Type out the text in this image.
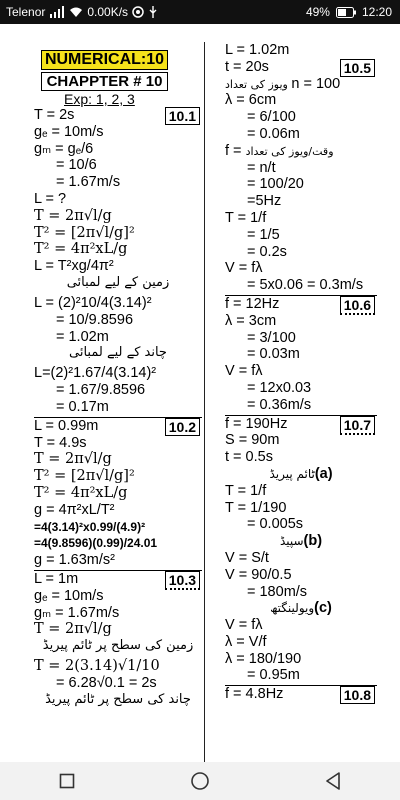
Telenor	0.00K/s	49%	12:20
NUMERICAL:10
CHAPPTER # 10
Exp: 1, 2, 3
T = 2s	10.1
gₑ = 10m/s
gₘ = gₑ/6
= 10/6
= 1.67m/s
L = ?
T = 2π√l/g
T² = [2π√l/g]²
T² = 4π²xL/g
L = T²xg/4π²
زمین کے لیے لمبائی
L = (2)²10/4(3.14)²
= 10/9.8596
= 1.02m
چاند کے لیے لمبائی
L=(2)²1.67/4(3.14)²
= 1.67/9.8596
= 0.17m
L = 0.99m	10.2
T = 4.9s
T = 2π√l/g
T² = [2π√l/g]²
T² = 4π²xL/g
g = 4π²xL/T²
=4(3.14)²x0.99/(4.9)²
=4(9.8596)(0.99)/24.01
g = 1.63m/s²
L = 1m	10.3
gₑ = 10m/s
gₘ = 1.67m/s
T = 2π√l/g
زمین کی سطح پر ٹائم پیریڈ
T = 2(3.14)√1/10
= 6.28√0.1 = 2s
چاند کی سطح پر ٹائم پیریڈ
L = 1.02m
t = 20s	10.5
ویوز کی تعداد n = 100
λ = 6cm
= 6/100
= 0.06m
f = وقت/ویوز کی تعداد
= n/t
= 100/20
=5Hz
T = 1/f
= 1/5
= 0.2s
V = fλ
= 5x0.06 = 0.3m/s
f = 12Hz	10.6
λ = 3cm
= 3/100
= 0.03m
V = fλ
= 12x0.03
= 0.36m/s
f = 190Hz	10.7
S = 90m
t = 0.5s
ٹائم پیریڈ(a)
T = 1/f
T = 1/190
= 0.005s
سپیڈ(b)
V = S/t
V = 90/0.5
= 180m/s
ویولینگتھ(c)
V = fλ
λ = V/f
λ = 180/190
= 0.95m
f = 4.8Hz	10.8
